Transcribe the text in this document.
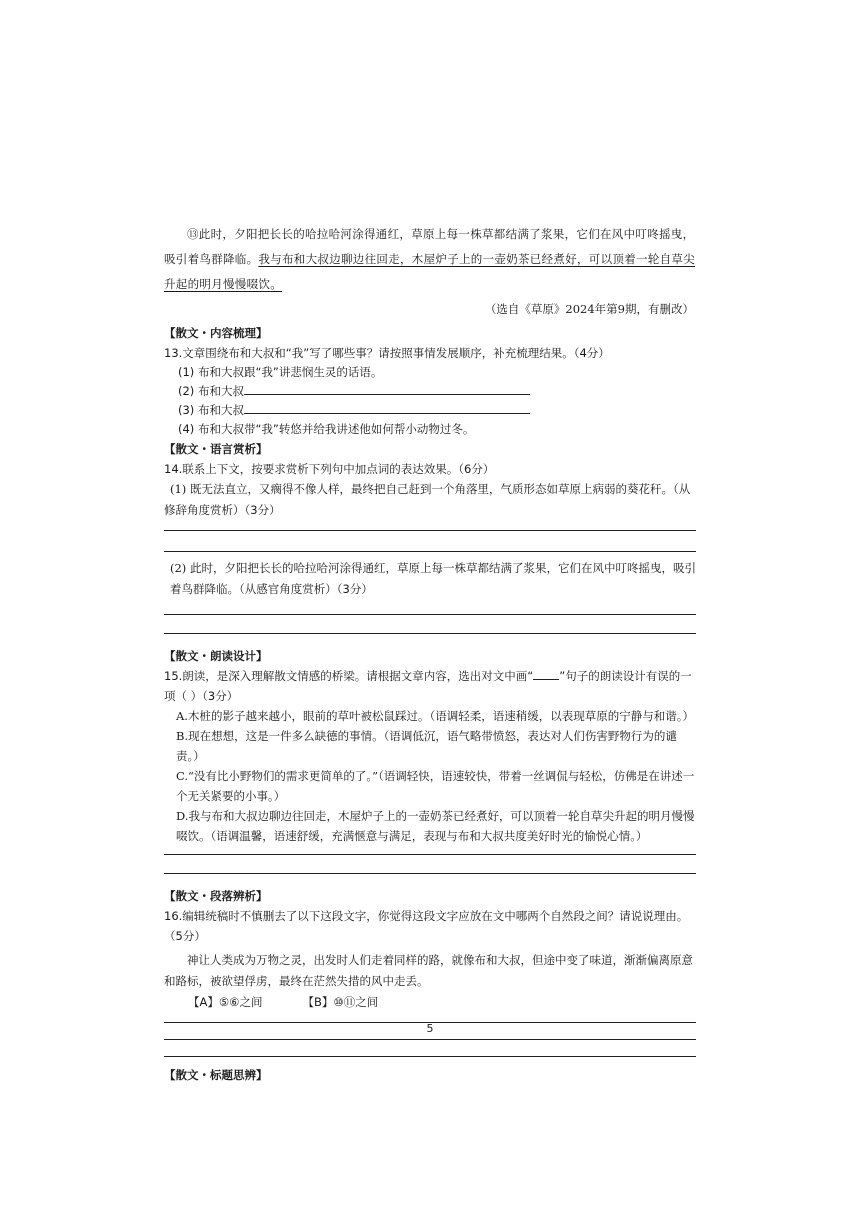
⑬此时，夕阳把长长的哈拉哈河涂得通红，草原上每一株草都结满了浆果，它们在风中叮咚摇曳，吸引着鸟群降临。我与布和大叔边聊边往回走，木屋炉子上的一壶奶茶已经煮好，可以顶着一轮自草尖升起的明月慢慢啜饮。

（选自《草原》2024年第9期，有删改）
【散文・内容梳理】
13.文章围绕布和大叔和“我”写了哪些事？请按照事情发展顺序，补充梳理结果。（4分）
(1) 布和大叔跟“我”讲悲悯生灵的话语。
(2) 布和大叔
(3) 布和大叔
(4) 布和大叔带“我”转悠并给我讲述他如何帮小动物过冬。
【散文・语言赏析】
14.联系上下文，按要求赏析下列句中加点词的表达效果。（6分）
(1) 既无法直立，又瘸得不像人样，最终把自己赶到一个角落里，气质形态如草原上病弱的葵花秆。（从
修辞角度赏析）（3分）
(2) 此时，夕阳把长长的哈拉哈河涂得通红，草原上每一株草都结满了浆果，它们在风中叮咚摇曳，吸引着鸟群降临。（从感官角度赏析）（3分）
【散文・朗读设计】
15.朗读，是深入理解散文情感的桥梁。请根据文章内容，选出对文中画“ ”句子的朗读设计有误的一项（ ）（3分）
A.木桩的影子越来越小，眼前的草叶被松鼠踩过。（语调轻柔，语速稍缓，以表现草原的宁静与和谐。）
B.现在想想，这是一件多么缺德的事情。（语调低沉，语气略带愤怒，表达对人们伤害野物行为的谴责。）
C.“没有比小野物们的需求更简单的了。”（语调轻快，语速较快，带着一丝调侃与轻松，仿佛是在讲述一个无关紧要的小事。）
D.我与布和大叔边聊边往回走，木屋炉子上的一壶奶茶已经煮好，可以顶着一轮自草尖升起的明月慢慢啜饮。（语调温馨，语速舒缓，充满惬意与满足，表现与布和大叔共度美好时光的愉悦心情。）
【散文・段落辨析】
16.编辑统稿时不慎删去了以下这段文字，你觉得这段文字应放在文中哪两个自然段之间？请说说理由。（5分）
神让人类成为万物之灵，出发时人们走着同样的路，就像布和大叔，但途中变了味道，渐渐偏离原意和路标，被欲望俘虏，最终在茫然失措的风中走丢。
【A】⑤⑥之间	【B】⑩⑪之间
【散文・标题思辨】
5
